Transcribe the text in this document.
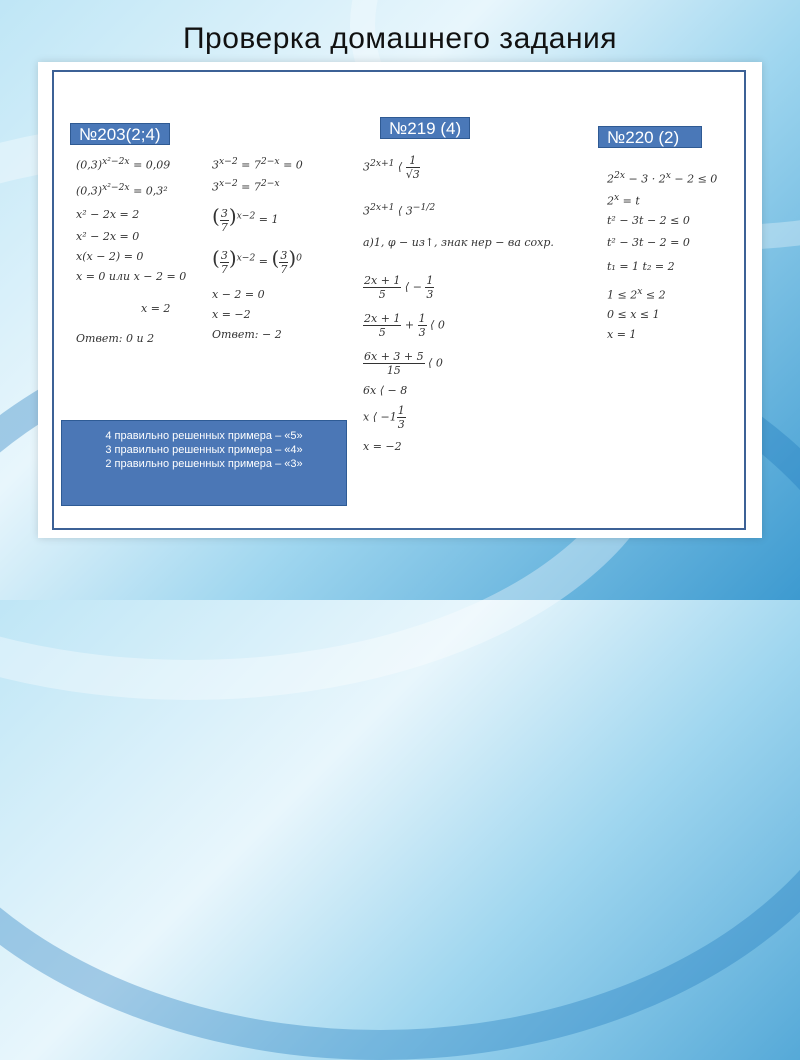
Проверка домашнего задания
№203(2;4)	№219 (4)	№220 (2)
$(0,3)^{x^2-2x} = 0,09$
$(0,3)^{x^2-2x} = 0,3^2$
x² − 2x = 2
x² − 2x = 0
x(x − 2) = 0
x = 0 или x − 2 = 0
x = 2
Ответ: 0 и 2
$3^{x-2} = 7^{2-x} = 0$
$3^{x-2} = 7^{2-x}$
( $\frac{3}{7} )^{x-2} = 1$
( $\frac{3}{7} )^{x-2}$ = ( $\frac{3}{7} )^0$
x − 2 = 0
x = −2
Ответ: − 2
$3^{2x+1}$ ⟨ $\frac{1}{√3}$
$3^{2x+1}$ ⟨ $3^{-1/2}$
a)1, φ − из↑, знак нер − ва сохр.
$\frac{2x + 1}{5}$ ⟨ − $\frac{1}{3}$
$\frac{2x + 1}{5} + \frac{1}{3}$ ⟨ 0
$\frac{6x + 3 + 5}{15}$ ⟨ 0
6x ⟨ − 8
x ⟨ $-1 \frac{1}{3}$
x = −2
$2^{2x} - 3 \cdot 2^x - 2 \le 0$
$2^x = t$
t² − 3t − 2 ≤ 0
t² − 3t − 2 = 0
t₁ = 1 t₂ = 2
$1 \le 2^x \le 2$
0 ≤ x ≤ 1
x = 1
4 правильно решенных примера – «5»
3 правильно решенных примера – «4»
2 правильно решенных примера – «3»
